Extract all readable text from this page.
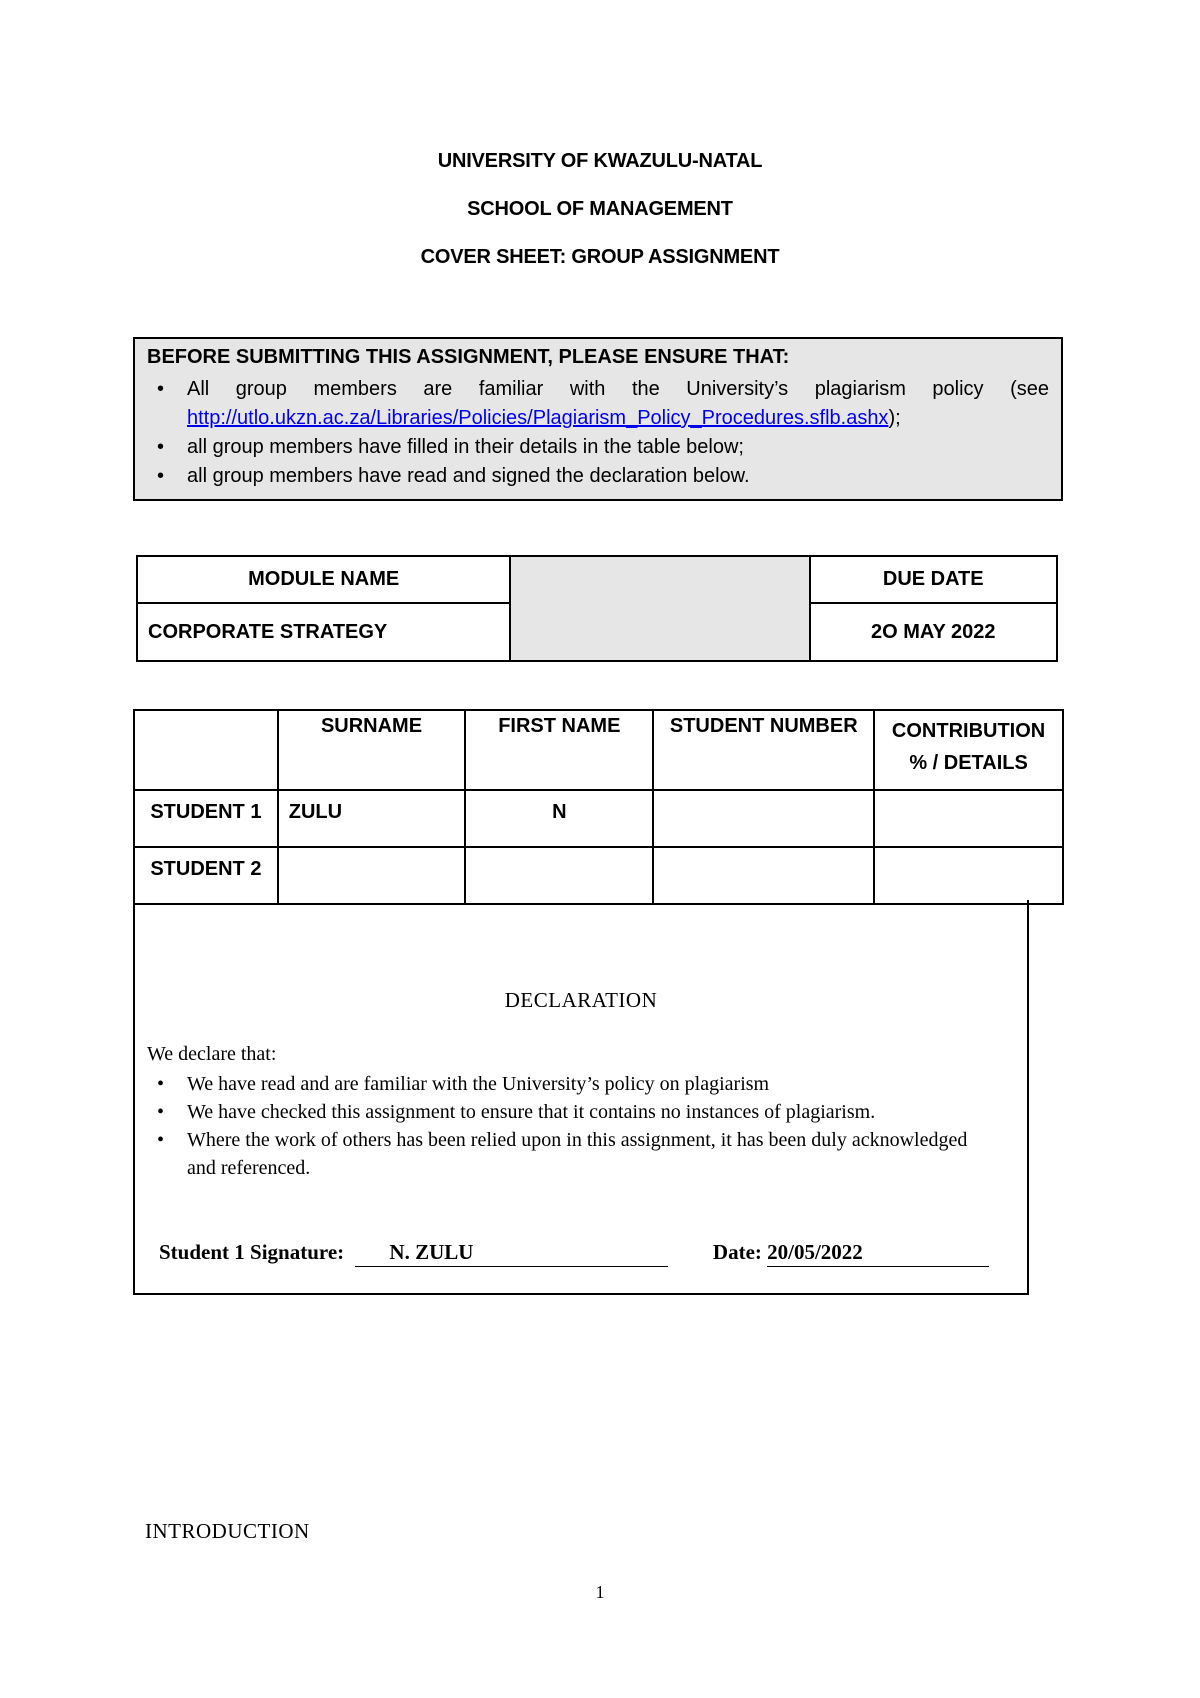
UNIVERSITY OF KWAZULU-NATAL
SCHOOL OF MANAGEMENT
COVER SHEET: GROUP ASSIGNMENT
BEFORE SUBMITTING THIS ASSIGNMENT, PLEASE ENSURE THAT:
• All group members are familiar with the University’s plagiarism policy (see
http://utlo.ukzn.ac.za/Libraries/Policies/Plagiarism_Policy_Procedures.sflb.ashx);
• all group members have filled in their details in the table below;
• all group members have read and signed the declaration below.
MODULE NAME		DUE DATE
CORPORATE STRATEGY		2O MAY 2022
	SURNAME	FIRST NAME	STUDENT NUMBER	CONTRIBUTION
% / DETAILS

STUDENT 1	ZULU	N		
STUDENT 2				
DECLARATION
We declare that:
• We have read and are familiar with the University’s policy on plagiarism
• We have checked this assignment to ensure that it contains no instances of plagiarism.
• Where the work of others has been relied upon in this assignment, it has been duly acknowledged and referenced.
Student 1 Signature: N. ZULU	Date: 20/05/2022
INTRODUCTION
1
